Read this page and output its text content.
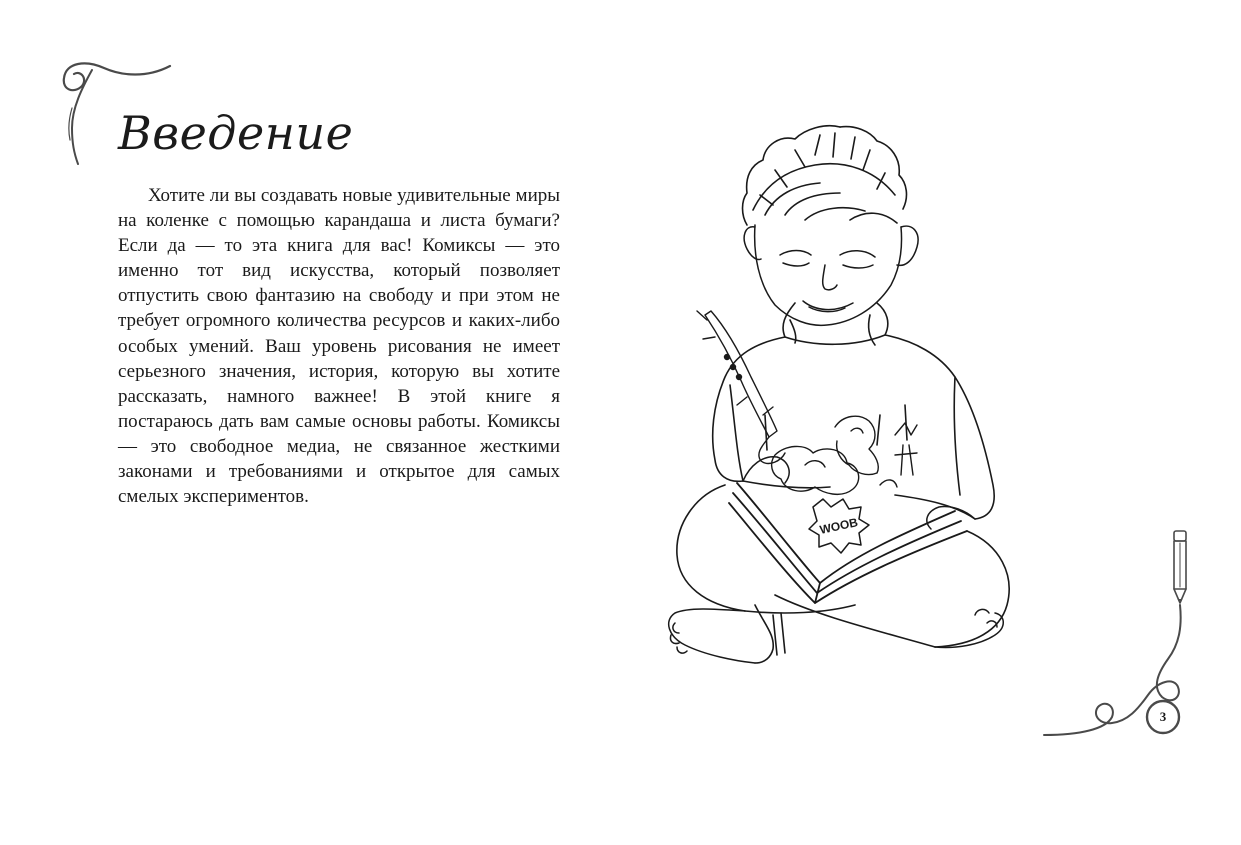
Введение

Хотите ли вы создавать новые удивительные миры на коленке с помощью карандаша и листа бумаги? Если да — то эта книга для вас! Комиксы — это именно тот вид искусства, который позволяет отпустить свою фантазию на свободу и при этом не требует огромного количества ресурсов и каких-либо особых умений. Ваш уровень рисования не имеет серьезного значения, история, которую вы хотите рассказать, намного важнее! В этой книге я постараюсь дать вам самые основы работы. Комиксы — это свободное медиа, не связанное жесткими законами и требованиями и открытое для самых смелых экспериментов.

WOOB
3
